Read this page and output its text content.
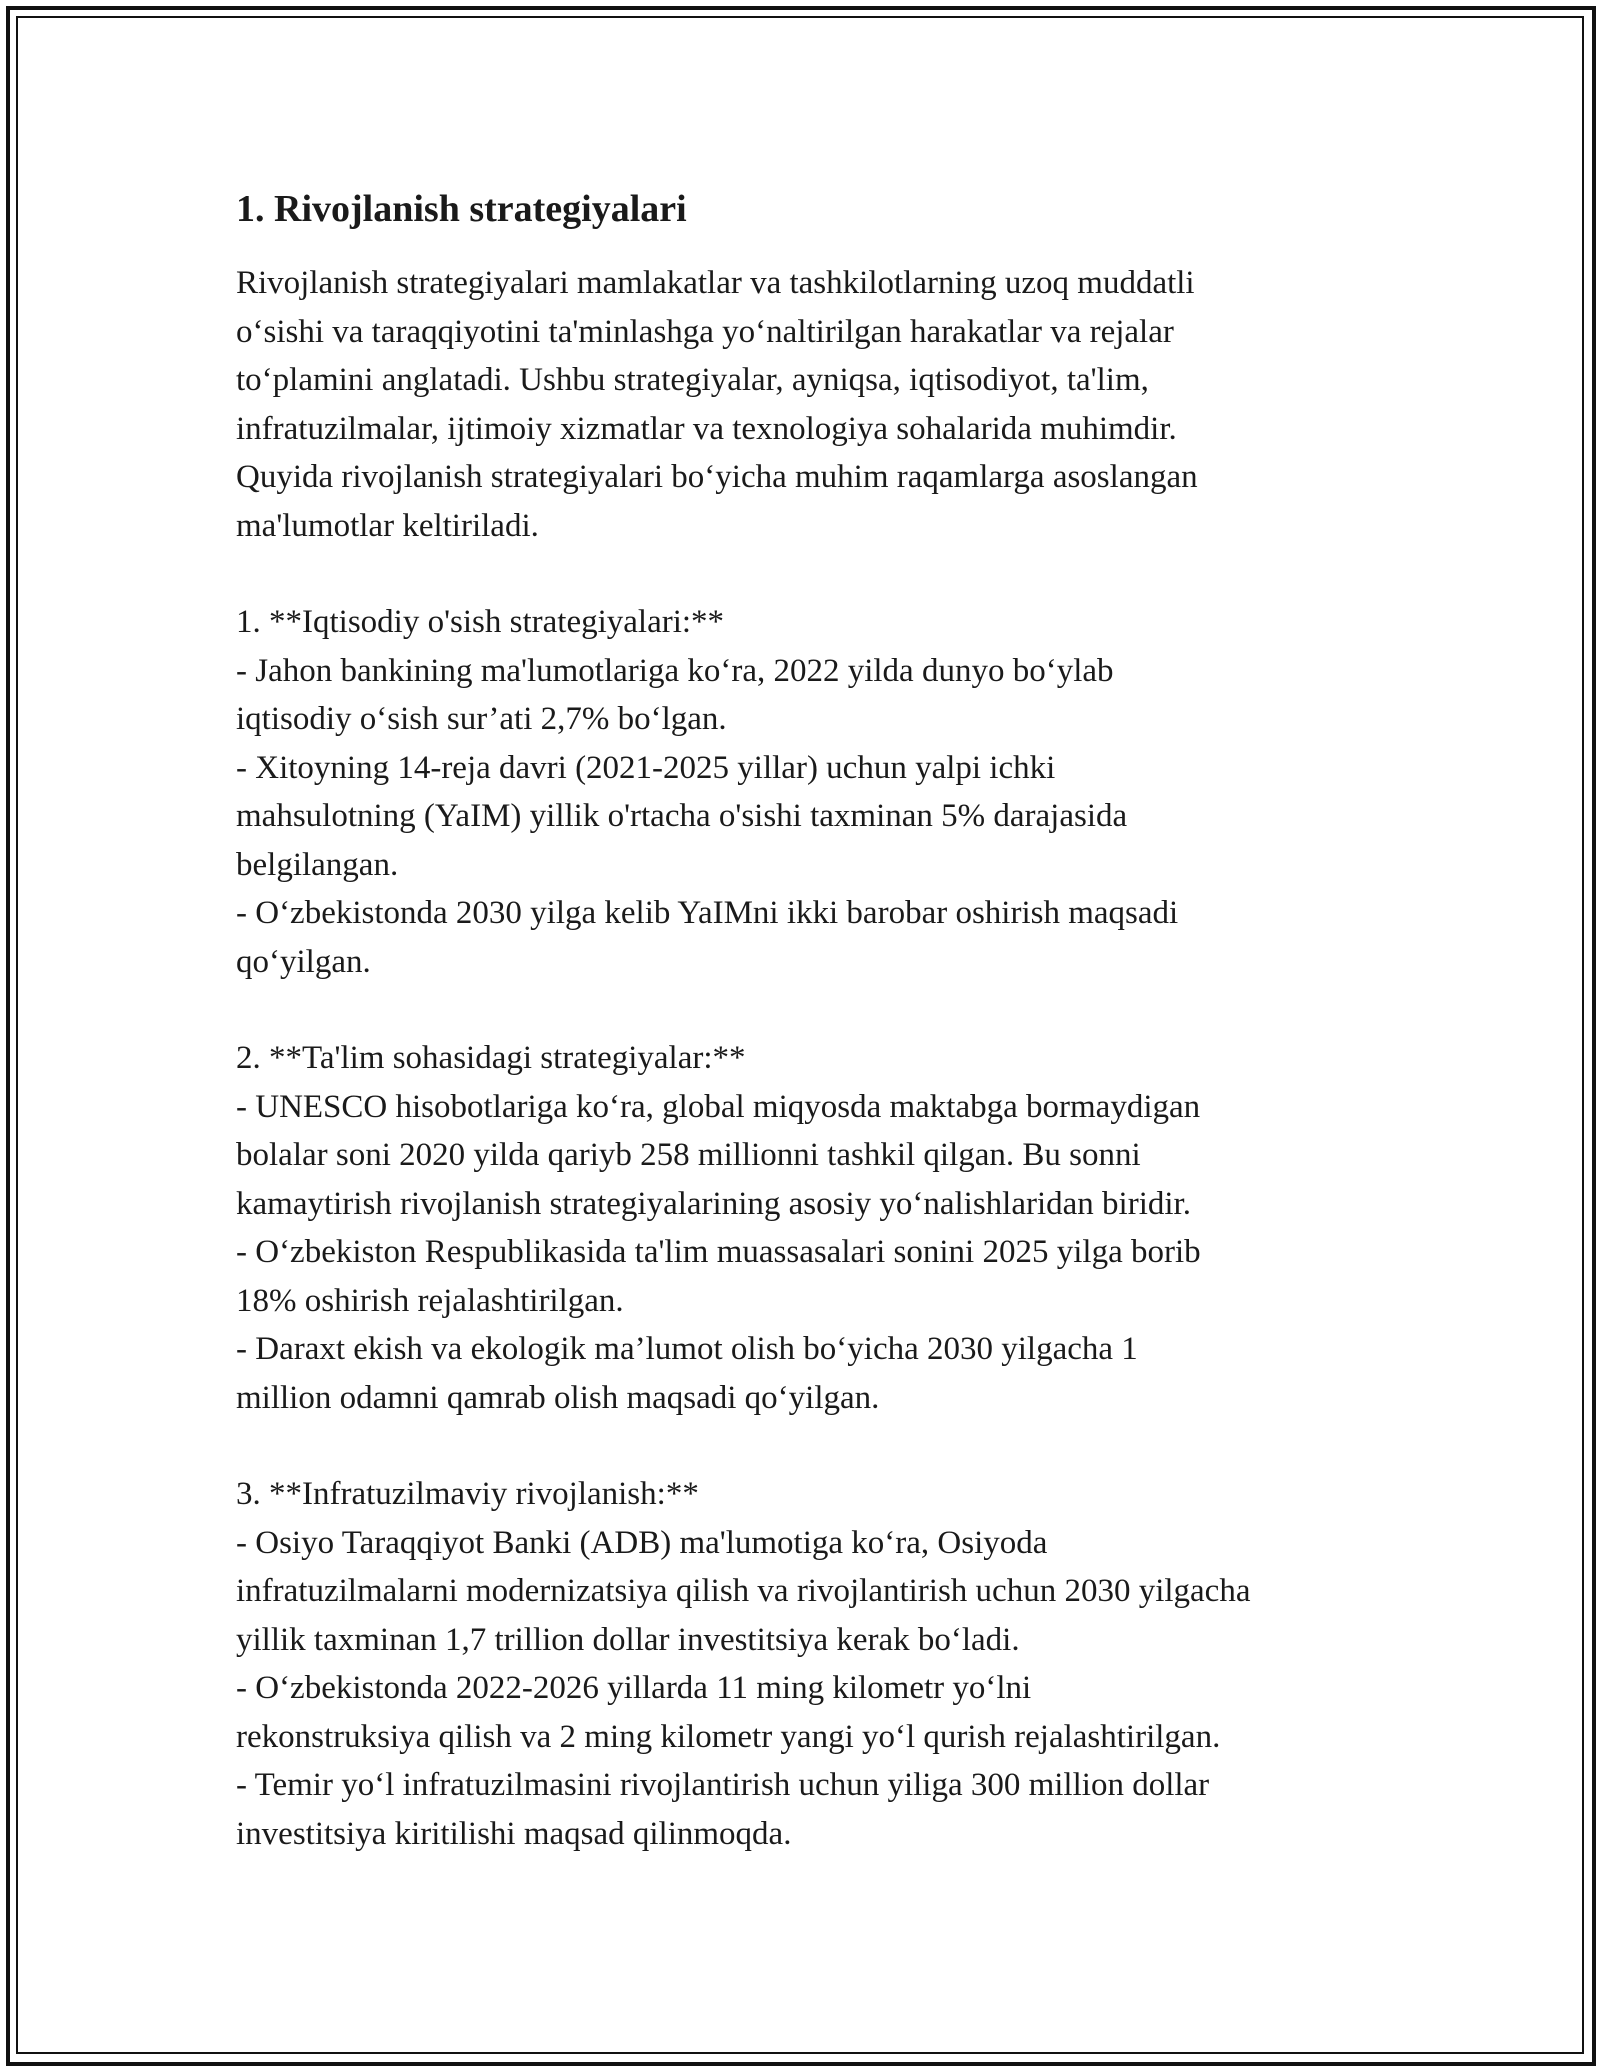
1. Rivojlanish strategiyalari

Rivojlanish strategiyalari mamlakatlar va tashkilotlarning uzoq muddatli
o‘sishi va taraqqiyotini ta'minlashga yo‘naltirilgan harakatlar va rejalar
to‘plamini anglatadi. Ushbu strategiyalar, ayniqsa, iqtisodiyot, ta'lim,
infratuzilmalar, ijtimoiy xizmatlar va texnologiya sohalarida muhimdir.
Quyida rivojlanish strategiyalari bo‘yicha muhim raqamlarga asoslangan
ma'lumotlar keltiriladi.

1. **Iqtisodiy o'sish strategiyalari:**

- Jahon bankining ma'lumotlariga ko‘ra, 2022 yilda dunyo bo‘ylab
iqtisodiy o‘sish sur’ati 2,7% bo‘lgan.

- Xitoyning 14-reja davri (2021-2025 yillar) uchun yalpi ichki
mahsulotning (YaIM) yillik o'rtacha o'sishi taxminan 5% darajasida
belgilangan.

- O‘zbekistonda 2030 yilga kelib YaIMni ikki barobar oshirish maqsadi
qo‘yilgan.

2. **Ta'lim sohasidagi strategiyalar:**

- UNESCO hisobotlariga ko‘ra, global miqyosda maktabga bormaydigan
bolalar soni 2020 yilda qariyb 258 millionni tashkil qilgan. Bu sonni
kamaytirish rivojlanish strategiyalarining asosiy yo‘nalishlaridan biridir.

- O‘zbekiston Respublikasida ta'lim muassasalari sonini 2025 yilga borib
18% oshirish rejalashtirilgan.

- Daraxt ekish va ekologik ma’lumot olish bo‘yicha 2030 yilgacha 1
million odamni qamrab olish maqsadi qo‘yilgan.

3. **Infratuzilmaviy rivojlanish:**

- Osiyo Taraqqiyot Banki (ADB) ma'lumotiga ko‘ra, Osiyoda
infratuzilmalarni modernizatsiya qilish va rivojlantirish uchun 2030 yilgacha
yillik taxminan 1,7 trillion dollar investitsiya kerak bo‘ladi.

- O‘zbekistonda 2022-2026 yillarda 11 ming kilometr yo‘lni
rekonstruksiya qilish va 2 ming kilometr yangi yo‘l qurish rejalashtirilgan.

- Temir yo‘l infratuzilmasini rivojlantirish uchun yiliga 300 million dollar
investitsiya kiritilishi maqsad qilinmoqda.
